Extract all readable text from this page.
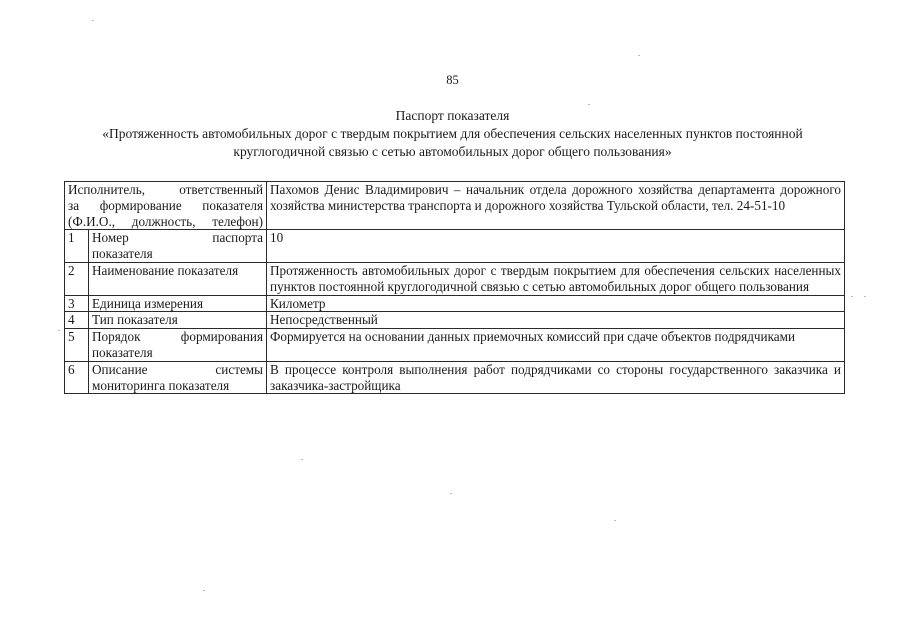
85
Паспорт показателя
«Протяженность автомобильных дорог с твердым покрытием для обеспечения сельских населенных пунктов постоянной
круглогодичной связью с сетью автомобильных дорог общего пользования»
Исполнитель, ответственный
за формирование показателя
(Ф.И.О., должность, телефон)		Пахомов Денис Владимирович – начальник отдела дорожного хозяйства департамента дорожного хозяйства министерства транспорта и дорожного хозяйства Тульской области, тел. 24-51-10
1	Номер паспорта
показателя	10
2	Наименование показателя	Протяженность автомобильных дорог с твердым покрытием для обеспечения сельских населенных пунктов постоянной круглогодичной связью с сетью автомобильных дорог общего пользования
3	Единица измерения	Километр
4	Тип показателя	Непосредственный
5	Порядок формирования
показателя	Формируется на основании данных приемочных комиссий при сдаче объектов подрядчиками
6	Описание системы
мониторинга показателя	В процессе контроля выполнения работ подрядчиками со стороны государственного заказчика и заказчика-застройщика
